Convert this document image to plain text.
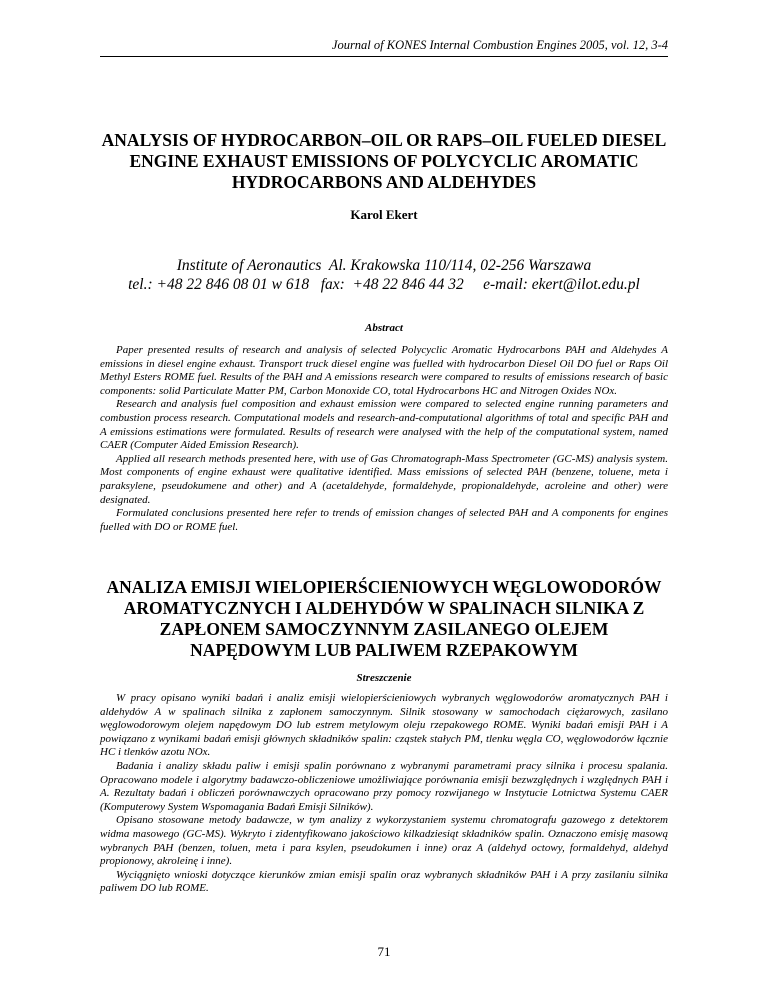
Journal of KONES Internal Combustion Engines 2005, vol. 12, 3-4
ANALYSIS OF HYDROCARBON–OIL OR RAPS–OIL FUELED DIESEL ENGINE EXHAUST EMISSIONS OF POLYCYCLIC AROMATIC HYDROCARBONS AND ALDEHYDES
Karol Ekert
Institute of Aeronautics  Al. Krakowska 110/114, 02-256 Warszawa
tel.: +48 22 846 08 01 w 618   fax:  +48 22 846 44 32     e-mail: ekert@ilot.edu.pl
Abstract

Paper presented results of research and analysis of selected Polycyclic Aromatic Hydrocarbons PAH and Aldehydes A emissions in diesel engine exhaust. Transport truck diesel engine was fuelled with hydrocarbon Diesel Oil DO fuel or Raps Oil Methyl Esters ROME fuel. Results of the PAH and A emissions research were compared to results of emissions research of basic components: solid Particulate Matter PM, Carbon Monoxide CO, total Hydrocarbons HC and Nitrogen Oxides NOx.

Research and analysis fuel composition and exhaust emission were compared to selected engine running parameters and combustion process research. Computational models and research-and-computational algorithms of total and specific PAH and A emissions estimations were formulated. Results of research were analysed with the help of the computational system, named CAER (Computer Aided Emission Research).

Applied all research methods presented here, with use of Gas Chromatograph-Mass Spectrometer (GC-MS) analysis system. Most components of engine exhaust were qualitative identified. Mass emissions of selected PAH (benzene, toluene, meta i paraksylene, pseudokumene and other) and A (acetaldehyde, formaldehyde, propionaldehyde, acroleine and other) were designated.

Formulated conclusions presented here refer to trends of emission changes of selected PAH and A components for engines fuelled with DO or ROME fuel.

ANALIZA EMISJI WIELOPIERŚCIENIOWYCH WĘGLOWODORÓW AROMATYCZNYCH I ALDEHYDÓW W SPALINACH SILNIKA Z ZAPŁONEM SAMOCZYNNYM ZASILANEGO OLEJEM NAPĘDOWYM LUB PALIWEM RZEPAKOWYM
Streszczenie

W pracy opisano wyniki badań i analiz emisji wielopierścieniowych wybranych węglowodorów aromatycznych PAH i aldehydów A w spalinach silnika z zapłonem samoczynnym. Silnik stosowany w samochodach ciężarowych, zasilano węglowodorowym olejem napędowym DO lub estrem metylowym oleju rzepakowego ROME. Wyniki badań emisji PAH i A powiązano z wynikami badań emisji głównych składników spalin: cząstek stałych PM, tlenku węgla CO, węglowodorów łącznie HC i tlenków azotu NOx.

Badania i analizy składu paliw i emisji spalin porównano z wybranymi parametrami pracy silnika i procesu spalania. Opracowano modele i algorytmy badawczo-obliczeniowe umożliwiające porównania emisji bezwzględnych i względnych PAH i A. Rezultaty badań i obliczeń porównawczych opracowano przy pomocy rozwijanego w Instytucie Lotnictwa Systemu CAER (Komputerowy System Wspomagania Badań Emisji Silników).

Opisano stosowane metody badawcze, w tym analizy z wykorzystaniem systemu chromatografu gazowego z detektorem widma masowego (GC-MS). Wykryto i zidentyfikowano jakościowo kilkadziesiąt składników spalin. Oznaczono emisję masową wybranych PAH (benzen, toluen, meta i para ksylen, pseudokumen i inne) oraz A (aldehyd octowy, formaldehyd, aldehyd propionowy, akroleinę i inne).

Wyciągnięto wnioski dotyczące kierunków zmian emisji spalin oraz wybranych składników PAH i A przy zasilaniu silnika paliwem DO lub ROME.

71
